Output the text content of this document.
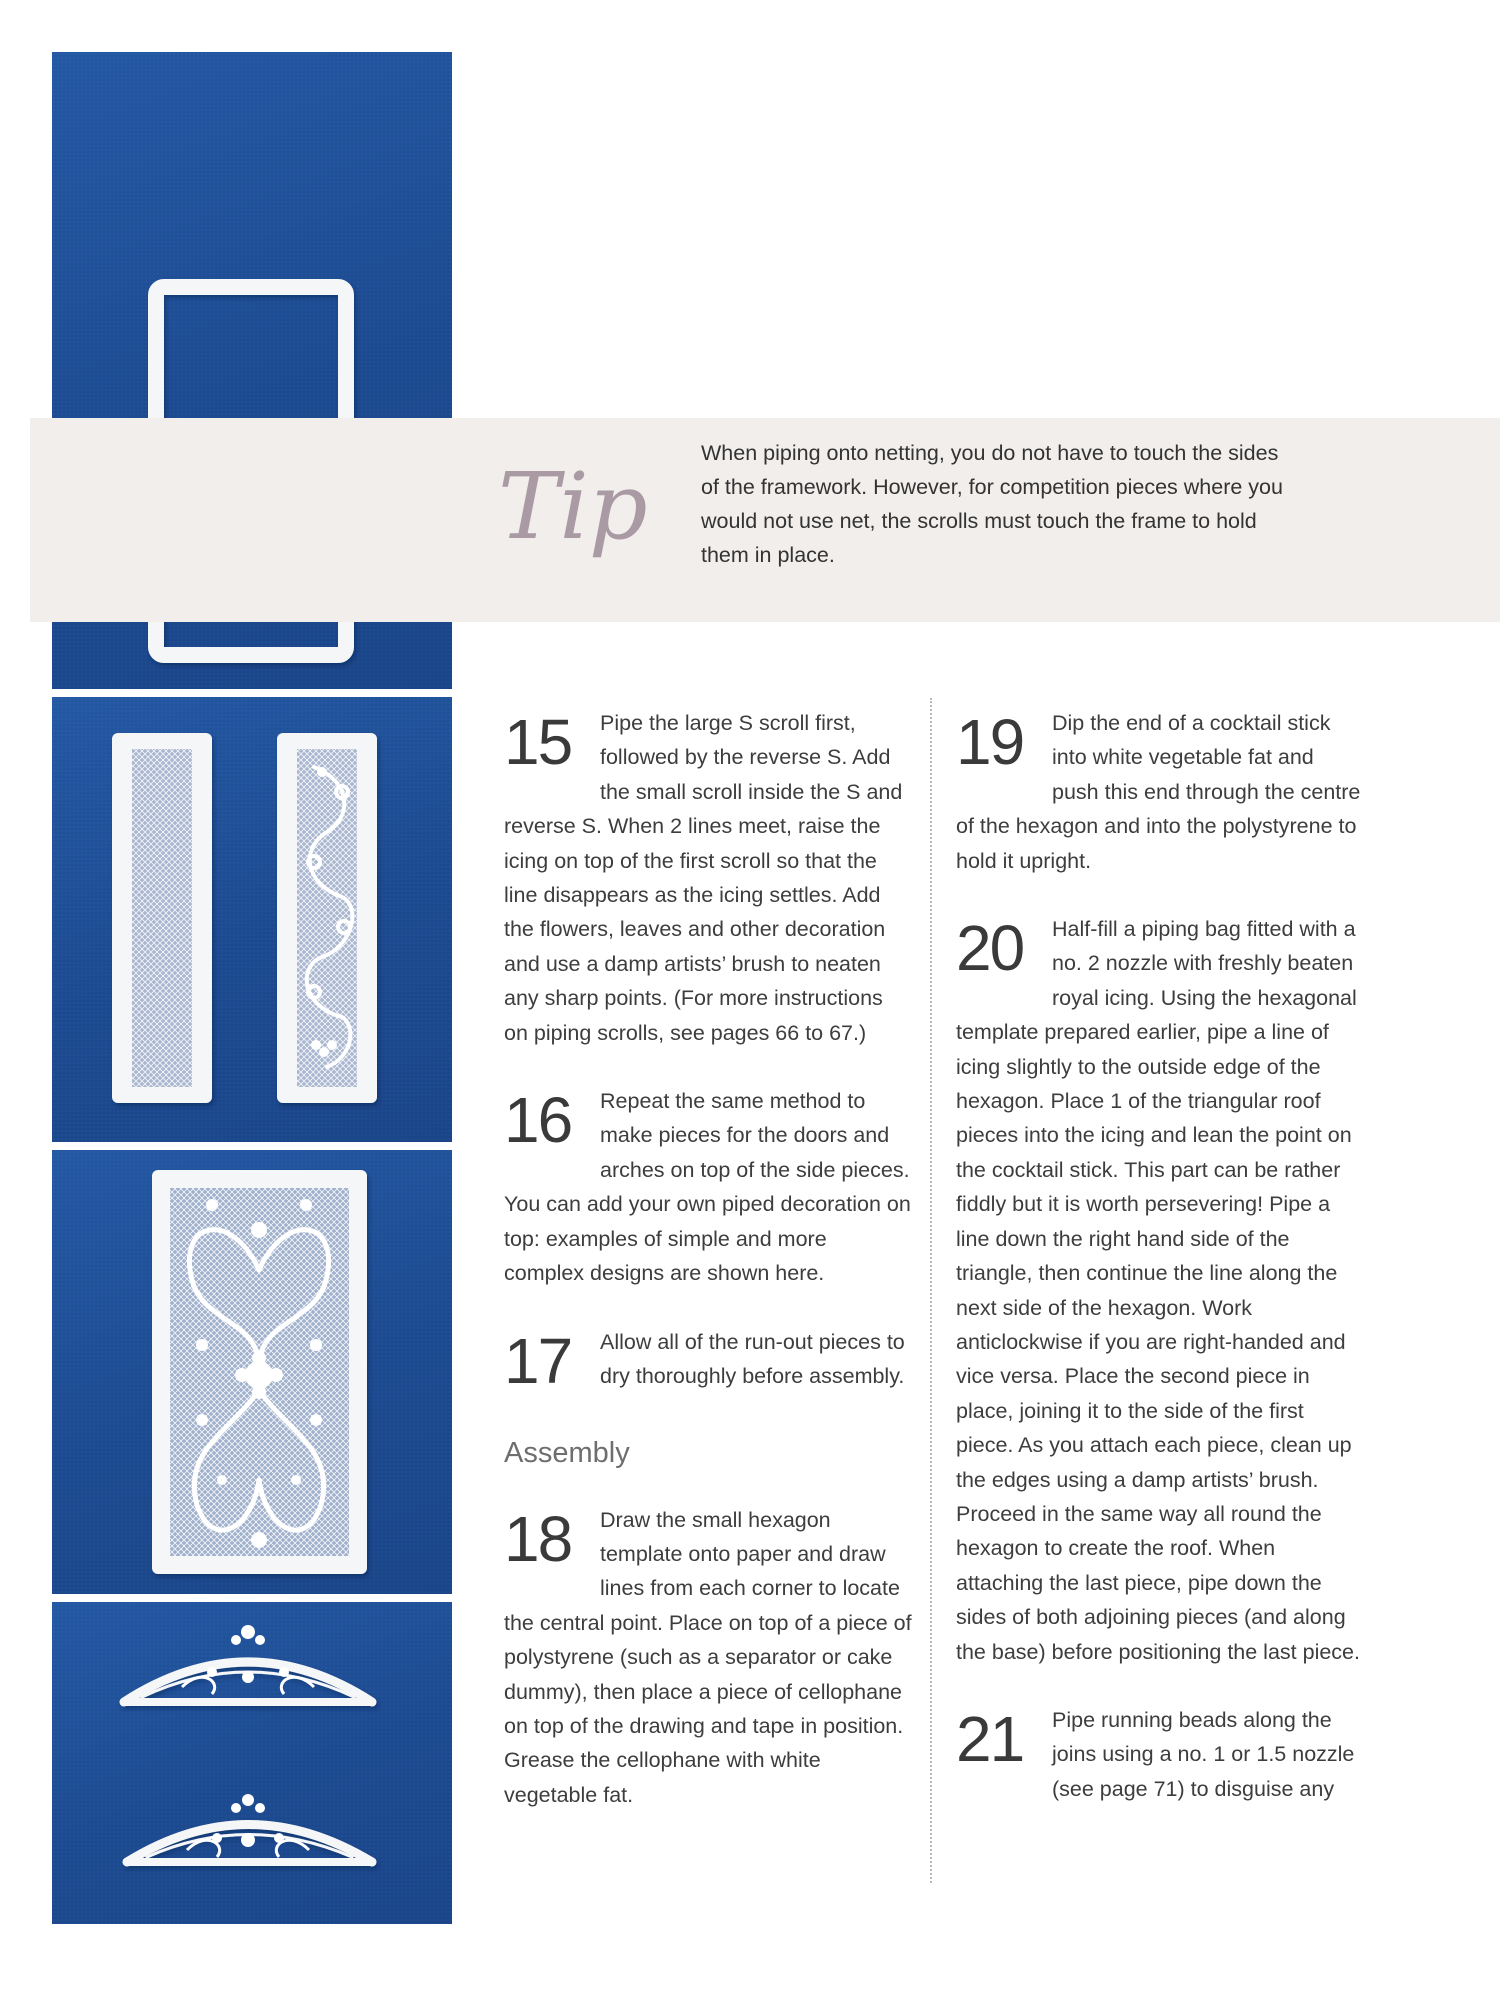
Tip When piping onto netting, you do not have to touch the sides of the framework. However, for competition pieces where you would not use net, the scrolls must touch the frame to hold them in place.
15	Pipe the large S scroll first, followed by the reverse S. Add the small scroll inside the S and reverse S. When 2 lines meet, raise the icing on top of the first scroll so that the line disappears as the icing settles. Add the flowers, leaves and other decoration and use a damp artists’ brush to neaten any sharp points. (For more instructions on piping scrolls, see pages 66 to 67.)
16	Repeat the same method to make pieces for the doors and arches on top of the side pieces. You can add your own piped decoration on top: examples of simple and more complex designs are shown here.
17	Allow all of the run-out pieces to dry thoroughly before assembly.
Assembly
18	Draw the small hexagon template onto paper and draw lines from each corner to locate the central point. Place on top of a piece of polystyrene (such as a separator or cake dummy), then place a piece of cellophane on top of the drawing and tape in position. Grease the cellophane with white vegetable fat.
19	Dip the end of a cocktail stick into white vegetable fat and push this end through the centre of the hexagon and into the polystyrene to hold it upright.
20	Half-fill a piping bag fitted with a no. 2 nozzle with freshly beaten royal icing. Using the hexagonal template prepared earlier, pipe a line of icing slightly to the outside edge of the hexagon. Place 1 of the triangular roof pieces into the icing and lean the point on the cocktail stick. This part can be rather fiddly but it is worth persevering! Pipe a line down the right hand side of the triangle, then continue the line along the next side of the hexagon. Work anticlockwise if you are right-handed and vice versa. Place the second piece in place, joining it to the side of the first piece. As you attach each piece, clean up the edges using a damp artists’ brush. Proceed in the same way all round the hexagon to create the roof. When attaching the last piece, pipe down the sides of both adjoining pieces (and along the base) before positioning the last piece.
21	Pipe running beads along the joins using a no. 1 or 1.5 nozzle (see page 71) to disguise any
